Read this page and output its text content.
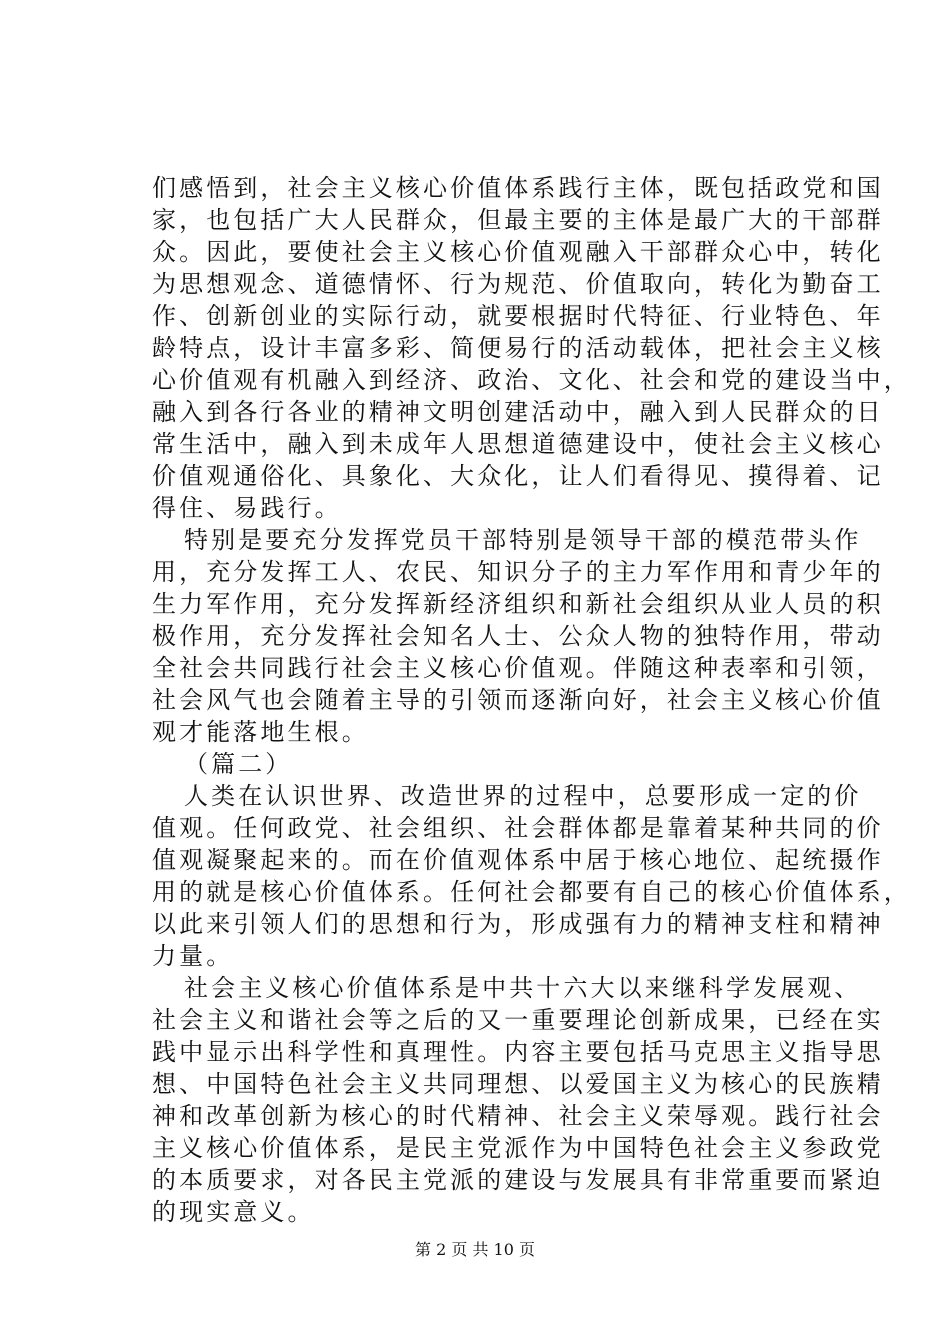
们感悟到，社会主义核心价值体系践行主体，既包括政党和国
家，也包括广大人民群众，但最主要的主体是最广大的干部群
众。因此，要使社会主义核心价值观融入干部群众心中，转化
为思想观念、道德情怀、行为规范、价值取向，转化为勤奋工
作、创新创业的实际行动，就要根据时代特征、行业特色、年
龄特点，设计丰富多彩、简便易行的活动载体，把社会主义核
心价值观有机融入到经济、政治、文化、社会和党的建设当中，
融入到各行各业的精神文明创建活动中，融入到人民群众的日
常生活中，融入到未成年人思想道德建设中，使社会主义核心
价值观通俗化、具象化、大众化，让人们看得见、摸得着、记
得住、易践行。
特别是要充分发挥党员干部特别是领导干部的模范带头作
用，充分发挥工人、农民、知识分子的主力军作用和青少年的
生力军作用，充分发挥新经济组织和新社会组织从业人员的积
极作用，充分发挥社会知名人士、公众人物的独特作用，带动
全社会共同践行社会主义核心价值观。伴随这种表率和引领，
社会风气也会随着主导的引领而逐渐向好，社会主义核心价值
观才能落地生根。
（篇二）
人类在认识世界、改造世界的过程中，总要形成一定的价
值观。任何政党、社会组织、社会群体都是靠着某种共同的价
值观凝聚起来的。而在价值观体系中居于核心地位、起统摄作
用的就是核心价值体系。任何社会都要有自己的核心价值体系，
以此来引领人们的思想和行为，形成强有力的精神支柱和精神
力量。
社会主义核心价值体系是中共十六大以来继科学发展观、
社会主义和谐社会等之后的又一重要理论创新成果，已经在实
践中显示出科学性和真理性。内容主要包括马克思主义指导思
想、中国特色社会主义共同理想、以爱国主义为核心的民族精
神和改革创新为核心的时代精神、社会主义荣辱观。践行社会
主义核心价值体系，是民主党派作为中国特色社会主义参政党
的本质要求，对各民主党派的建设与发展具有非常重要而紧迫
的现实意义。
第 2 页 共 10 页
